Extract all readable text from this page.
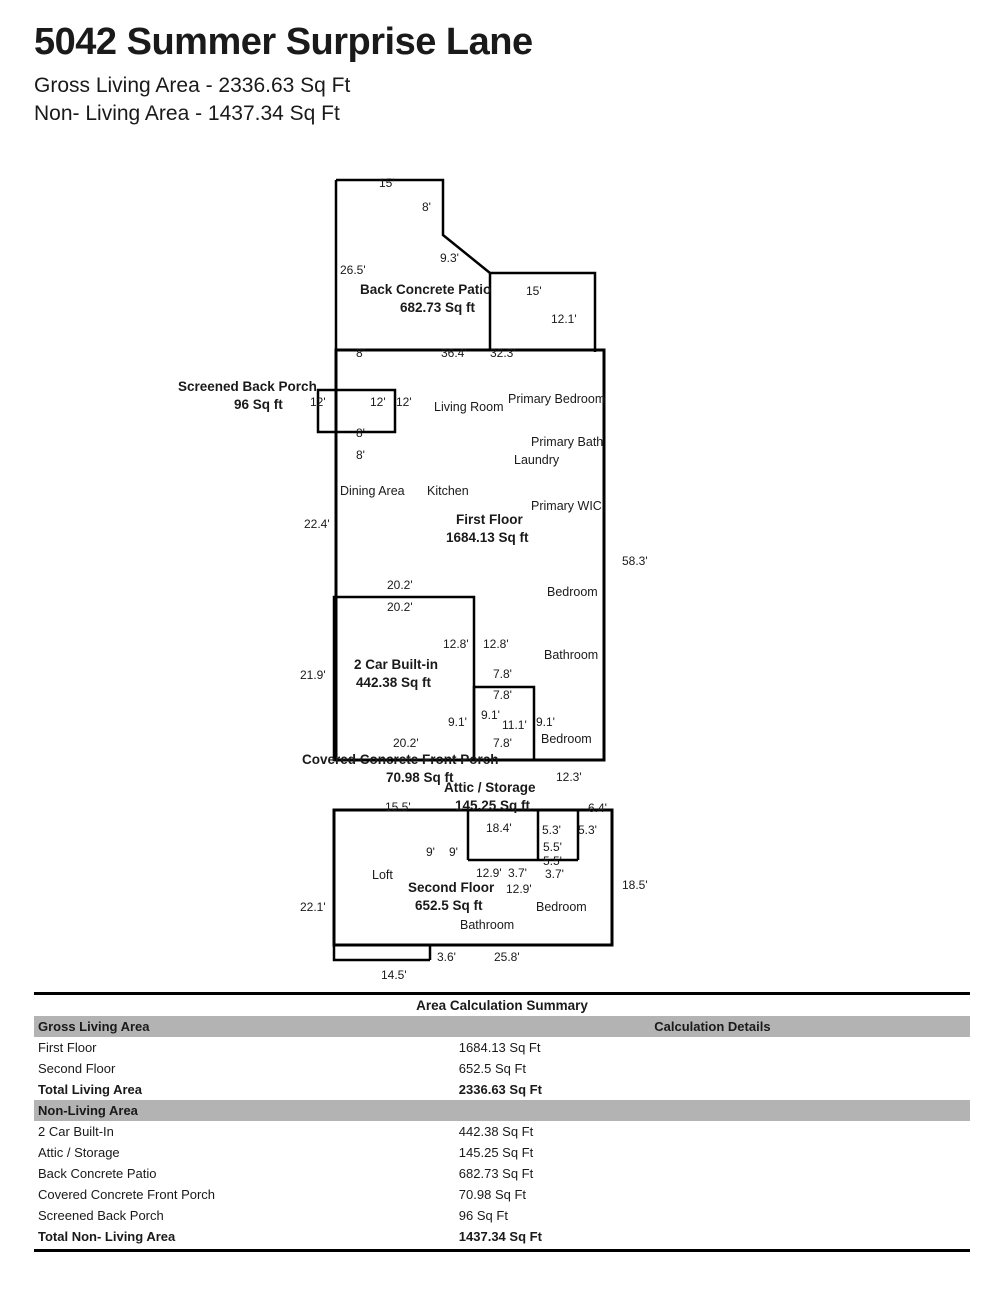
5042 Summer Surprise Lane

Gross Living Area - 2336.63 Sq Ft

Non- Living Area - 1437.34 Sq Ft

15'
8'
9.3'
26.5'
15'
12.1'
8'	36.4' 32.3'
Back Concrete Patio
682.73 Sq ft
Screened Back Porch
96 Sq ft 12'	12' 12'
8'
8'
Living Room
Primary Bedroom
Primary Bath
Laundry
Dining Area Kitchen
Primary WIC
Bedroom
Bathroom
Bedroom
First Floor
1684.13 Sq ft
22.4'
58.3'
20.2'
20.2'
12.8' 12.8'
21.9'
2 Car Built-in
442.38 Sq ft
7.8'
7.8'
9.1' 9.1'
11.1' 9.1'
20.2'	7.8'
Covered Concrete Front Porch
70.98 Sq ft	12.3'
Attic / Storage
145.25 Sq ft
15.5'
18.4'	5.3' 5.3'
6.4'
9' 9'	5.5'
5.5'
12.9' 3.7' 3.7'
12.9'
22.1'
18.5'
14.5'
3.6'	25.8'
Loft
Bedroom
Bathroom
Second Floor
652.5 Sq ft
Area Calculation Summary
Gross Living Area	Calculation Details
First Floor	1684.13 Sq Ft
Second Floor	652.5 Sq Ft
Total Living Area	2336.63 Sq Ft
Non-Living Area	
2 Car Built-In	442.38 Sq Ft
Attic / Storage	145.25 Sq Ft
Back Concrete Patio	682.73 Sq Ft
Covered Concrete Front Porch	70.98 Sq Ft
Screened Back Porch	96 Sq Ft
Total Non- Living Area	1437.34 Sq Ft
